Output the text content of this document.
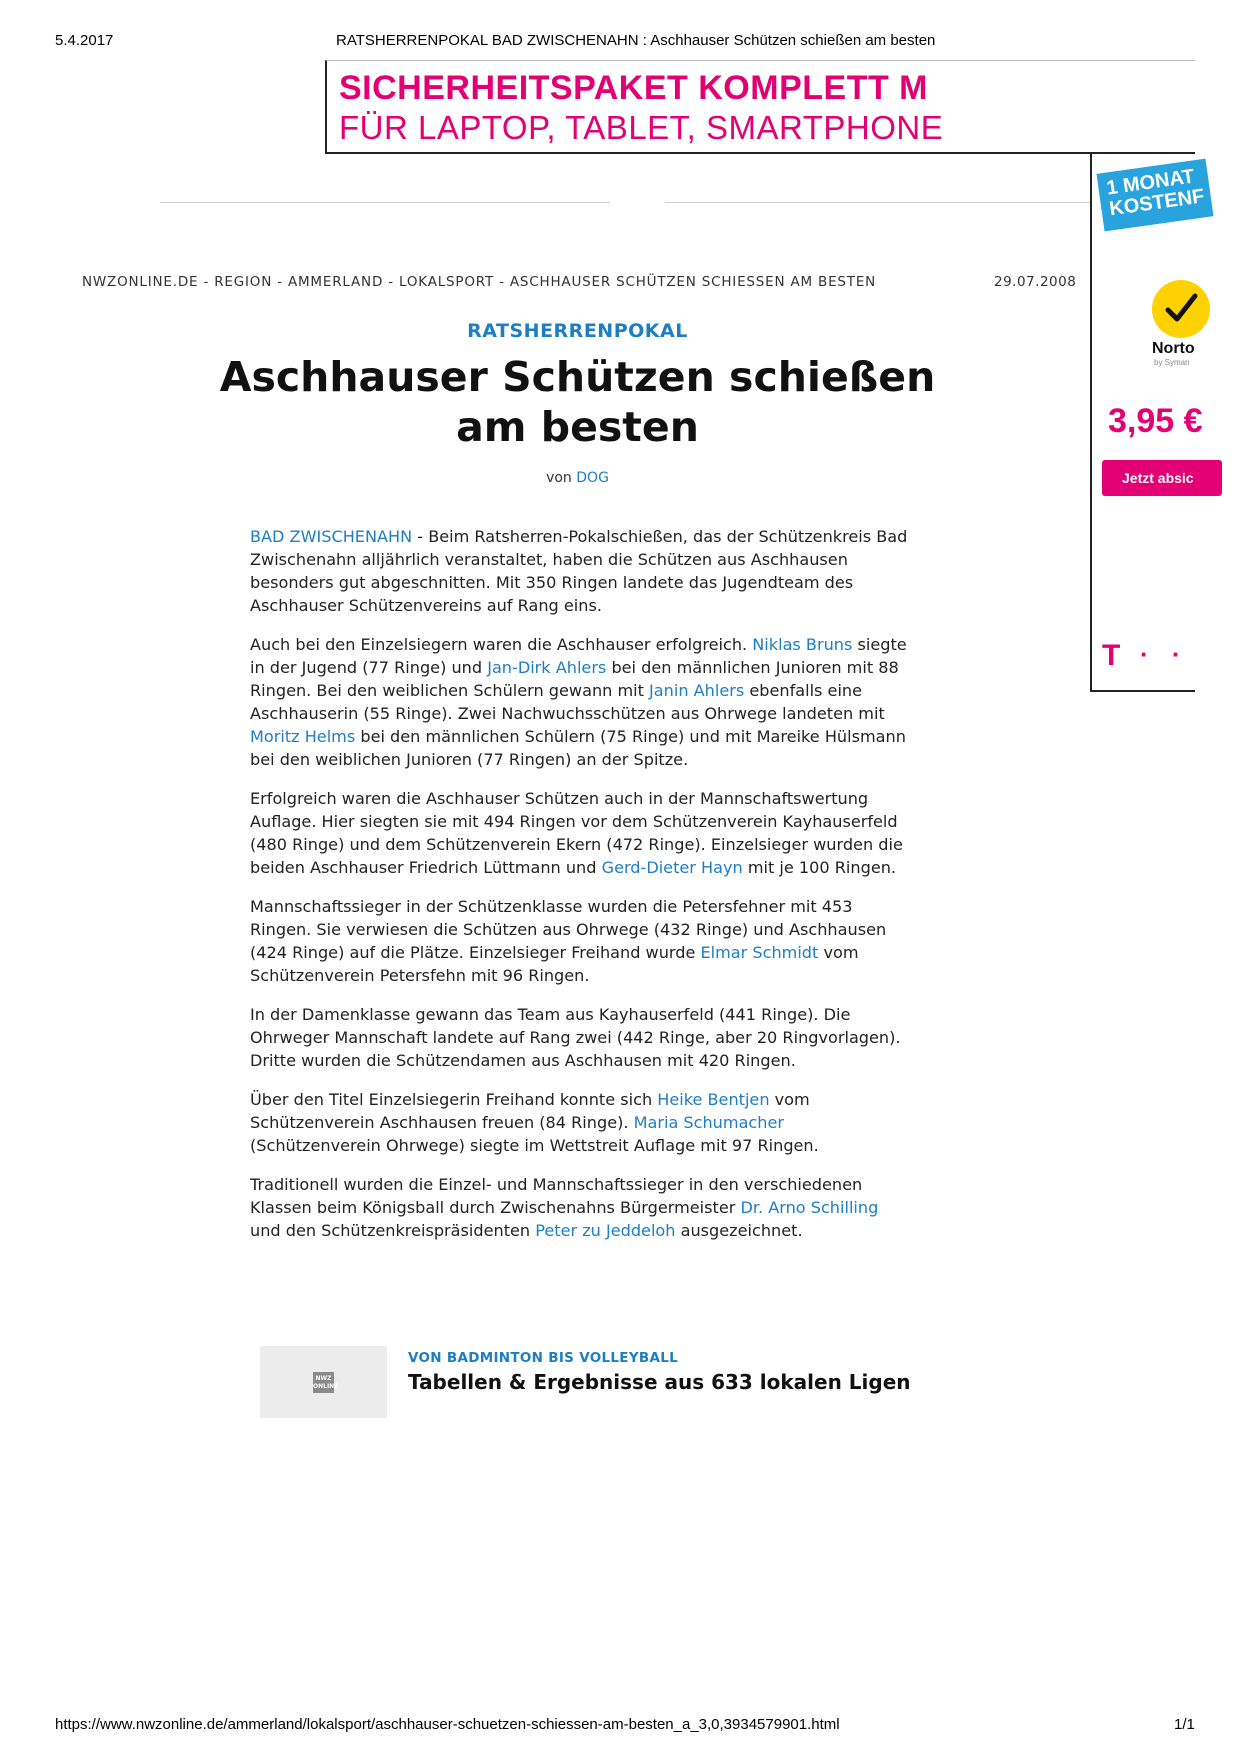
5.4.2017	RATSHERRENPOKAL BAD ZWISCHENAHN : Aschhauser Schützen schießen am besten
SICHERHEITSPAKET KOMPLETT M
FÜR LAPTOP, TABLET, SMARTPHONE
1 MONAT KOSTENF
Norto
by Syman
3,95 €
Jetzt absic
T · ·
NWZONLINE.DE - REGION - AMMERLAND - LOKALSPORT - ASCHHAUSER SCHÜTZEN SCHIESSEN AM BESTEN	29.07.2008
RATSHERRENPOKAL
Aschhauser Schützen schießen am besten
von DOG

BAD ZWISCHENAHN - Beim Ratsherren-Pokalschießen, das der Schützenkreis Bad Zwischenahn alljährlich veranstaltet, haben die Schützen aus Aschhausen besonders gut abgeschnitten. Mit 350 Ringen landete das Jugendteam des Aschhauser Schützenvereins auf Rang eins.

Auch bei den Einzelsiegern waren die Aschhauser erfolgreich. Niklas Bruns siegte in der Jugend (77 Ringe) und Jan-Dirk Ahlers bei den männlichen Junioren mit 88 Ringen. Bei den weiblichen Schülern gewann mit Janin Ahlers ebenfalls eine Aschhauserin (55 Ringe). Zwei Nachwuchsschützen aus Ohrwege landeten mit Moritz Helms bei den männlichen Schülern (75 Ringe) und mit Mareike Hülsmann bei den weiblichen Junioren (77 Ringen) an der Spitze.

Erfolgreich waren die Aschhauser Schützen auch in der Mannschaftswertung Auflage. Hier siegten sie mit 494 Ringen vor dem Schützenverein Kayhauserfeld (480 Ringe) und dem Schützenverein Ekern (472 Ringe). Einzelsieger wurden die beiden Aschhauser Friedrich Lüttmann und Gerd-Dieter Hayn mit je 100 Ringen.

Mannschaftssieger in der Schützenklasse wurden die Petersfehner mit 453 Ringen. Sie verwiesen die Schützen aus Ohrwege (432 Ringe) und Aschhausen (424 Ringe) auf die Plätze. Einzelsieger Freihand wurde Elmar Schmidt vom Schützenverein Petersfehn mit 96 Ringen.

In der Damenklasse gewann das Team aus Kayhauserfeld (441 Ringe). Die Ohrweger Mannschaft landete auf Rang zwei (442 Ringe, aber 20 Ringvorlagen). Dritte wurden die Schützendamen aus Aschhausen mit 420 Ringen.

Über den Titel Einzelsiegerin Freihand konnte sich Heike Bentjen vom Schützenverein Aschhausen freuen (84 Ringe). Maria Schumacher (Schützenverein Ohrwege) siegte im Wettstreit Auflage mit 97 Ringen.

Traditionell wurden die Einzel- und Mannschaftssieger in den verschiedenen Klassen beim Königsball durch Zwischenahns Bürgermeister Dr. Arno Schilling und den Schützenkreispräsidenten Peter zu Jeddeloh ausgezeichnet.

NWZ ONLINE
VON BADMINTON BIS VOLLEYBALL
Tabellen & Ergebnisse aus 633 lokalen Ligen
https://www.nwzonline.de/ammerland/lokalsport/aschhauser-schuetzen-schiessen-am-besten_a_3,0,3934579901.html	1/1
